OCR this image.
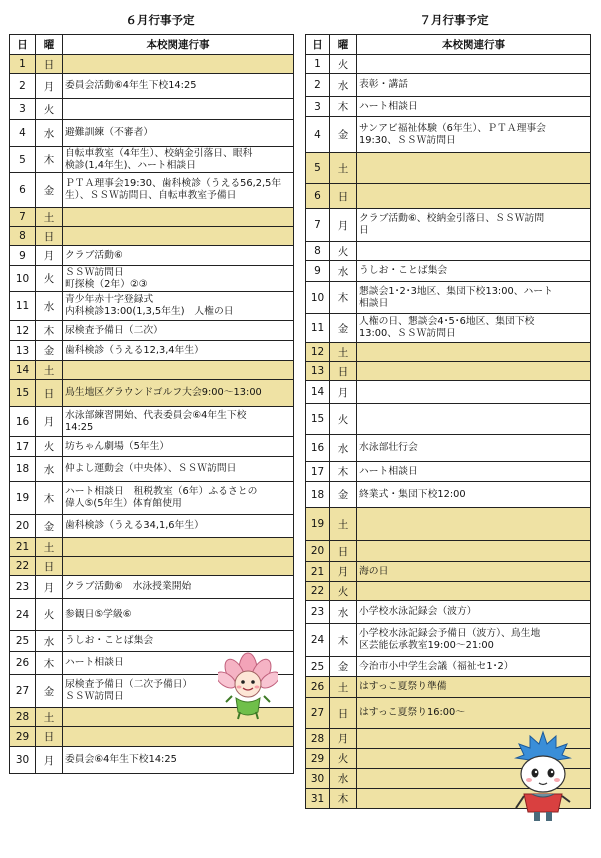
６月行事予定	７月行事予定
日	曜	本校関連行事
1	日	
2	月	委員会活動⑥4年生下校14:25
3	火	
4	水	避難訓練（不審者）
5	木	自転車教室（4年生）、校納金引落日、眼科
検診(1,4年生)、ハート相談日
6	金	ＰＴＡ理事会19:30、歯科検診（うえる56,2,5年
生）、ＳＳＷ訪問日、自転車教室予備日
7	土	
8	日	
9	月	クラブ活動⑥
10	火	ＳＳＷ訪問日
町探検（2年）②③
11	水	青少年赤十字登録式
内科検診13:00(1,3,5年生)　人権の日
12	木	尿検査予備日（二次）
13	金	歯科検診（うえる12,3,4年生）
14	土	
15	日	鳥生地区グラウンドゴルフ大会9:00～13:00
16	月	水泳部練習開始、代表委員会⑥4年生下校
14:25
17	火	坊ちゃん劇場（5年生）
18	水	仲よし運動会（中央体）、ＳＳＷ訪問日
19	木	ハート相談日　租税教室（6年）ふるさとの
偉人⑤(5年生）体育館使用
20	金	歯科検診（うえる34,1,6年生）
21	土	
22	日	
23	月	クラブ活動⑥　水泳授業開始
24	火	参観日⑤学級⑥
25	水	うしお・ことば集会
26	木	ハート相談日
27	金	尿検査予備日（二次予備日）
ＳＳＷ訪問日
28	土	
29	日	
30	月	委員会⑥4年生下校14:25
日	曜	本校関連行事
1	火	
2	水	表彰・講話
3	木	ハート相談日
4	金	サンアビ福祉体験（6年生）、ＰＴＡ理事会
19:30、ＳＳＷ訪問日
5	土	
6	日	
7	月	クラブ活動⑥、校納金引落日、ＳＳＷ訪問
日
8	火	
9	水	うしお・ことば集会
10	木	懇談会1･2･3地区、集団下校13:00、ハート
相談日
11	金	人権の日、懇談会4･5･6地区、集団下校
13:00、ＳＳＷ訪問日
12	土	
13	日	
14	月	
15	火	
16	水	水泳部壮行会
17	木	ハート相談日
18	金	終業式・集団下校12:00
19	土	
20	日	
21	月	海の日
22	火	
23	水	小学校水泳記録会（波方）
24	木	小学校水泳記録会予備日（波方）、鳥生地
区芸能伝承教室19:00～21:00
25	金	今治市小中学生会議（福祉セ1･2）
26	土	はすっこ夏祭り準備
27	日	はすっこ夏祭り16:00～
28	月	
29	火	
30	水	
31	木	
